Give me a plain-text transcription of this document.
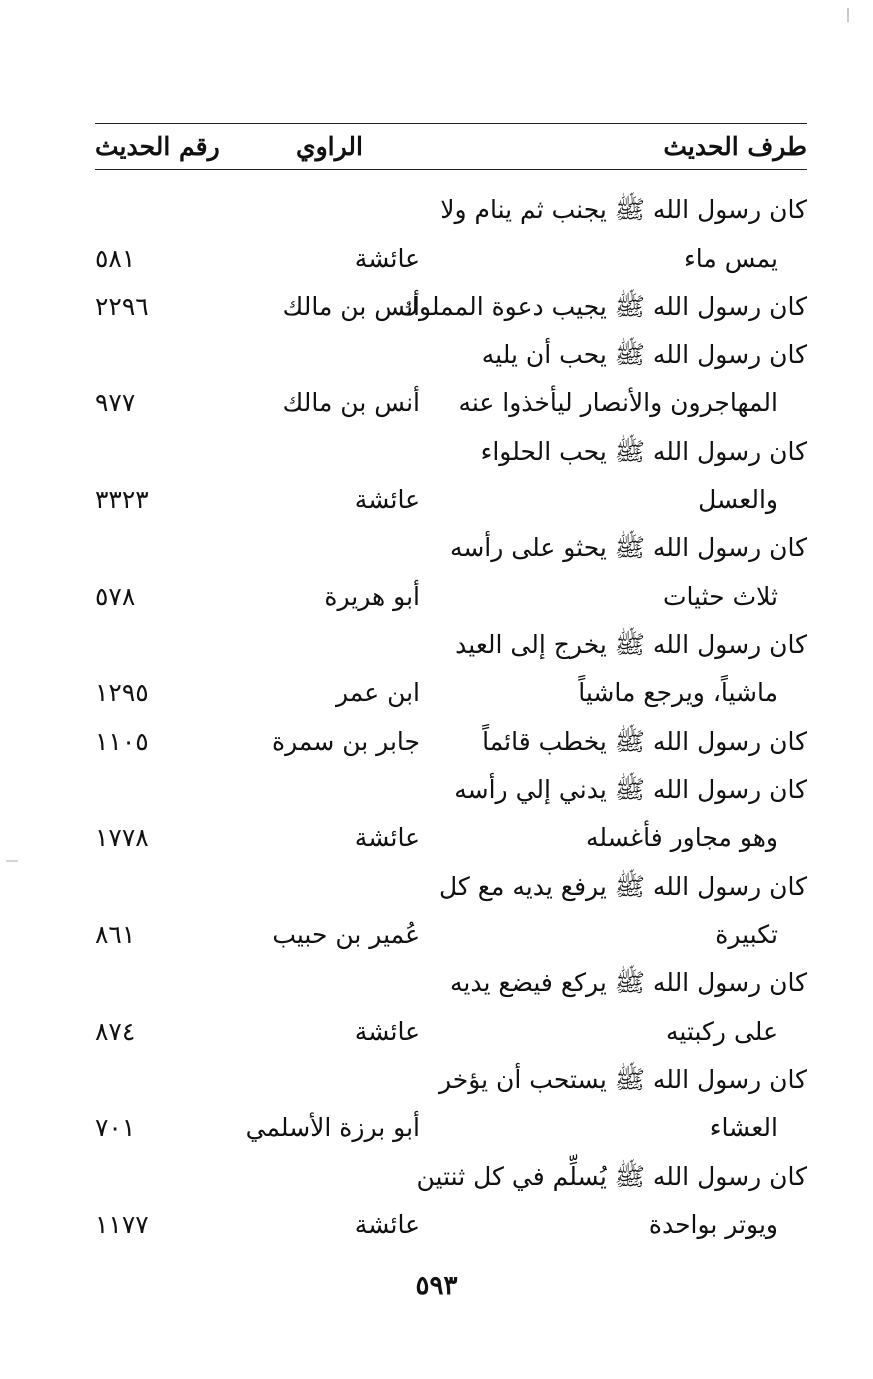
طرف الحديث
الراوي
رقم الحديث
كان رسول الله ﷺ يجنب ثم ينام ولا
يمس ماء
عائشة
٥٨١
كان رسول الله ﷺ يجيب دعوة المملوك
أنس بن مالك
٢٢٩٦
كان رسول الله ﷺ يحب أن يليه
المهاجرون والأنصار ليأخذوا عنه
أنس بن مالك
٩٧٧
كان رسول الله ﷺ يحب الحلواء
والعسل
عائشة
٣٣٢٣
كان رسول الله ﷺ يحثو على رأسه
ثلاث حثيات
أبو هريرة
٥٧٨
كان رسول الله ﷺ يخرج إلى العيد
ماشياً، ويرجع ماشياً
ابن عمر
١٢٩٥
كان رسول الله ﷺ يخطب قائماً
جابر بن سمرة
١١٠٥
كان رسول الله ﷺ يدني إلي رأسه
وهو مجاور فأغسله
عائشة
١٧٧٨
كان رسول الله ﷺ يرفع يديه مع كل
تكبيرة
عُمير بن حبيب
٨٦١
كان رسول الله ﷺ يركع فيضع يديه
على ركبتيه
عائشة
٨٧٤
كان رسول الله ﷺ يستحب أن يؤخر
العشاء
أبو برزة الأسلمي
٧٠١
كان رسول الله ﷺ يُسلِّم في كل ثنتين
ويوتر بواحدة
عائشة
١١٧٧
٥٩٣
